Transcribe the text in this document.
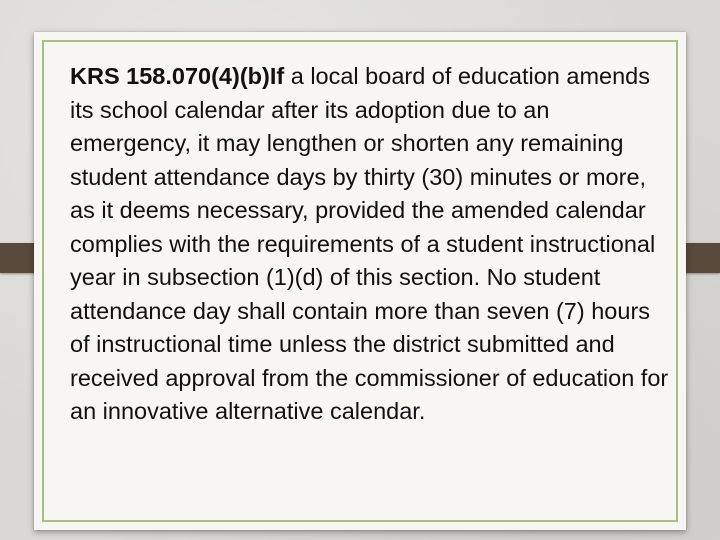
KRS 158.070(4)(b)If a local board of education amends its school calendar after its adoption due to an emergency, it may lengthen or shorten any remaining student attendance days by thirty (30) minutes or more, as it deems necessary, provided the amended calendar complies with the requirements of a student instructional year in subsection (1)(d) of this section. No student attendance day shall contain more than seven (7) hours of instructional time unless the district submitted and received approval from the commissioner of education for an innovative alternative calendar.
